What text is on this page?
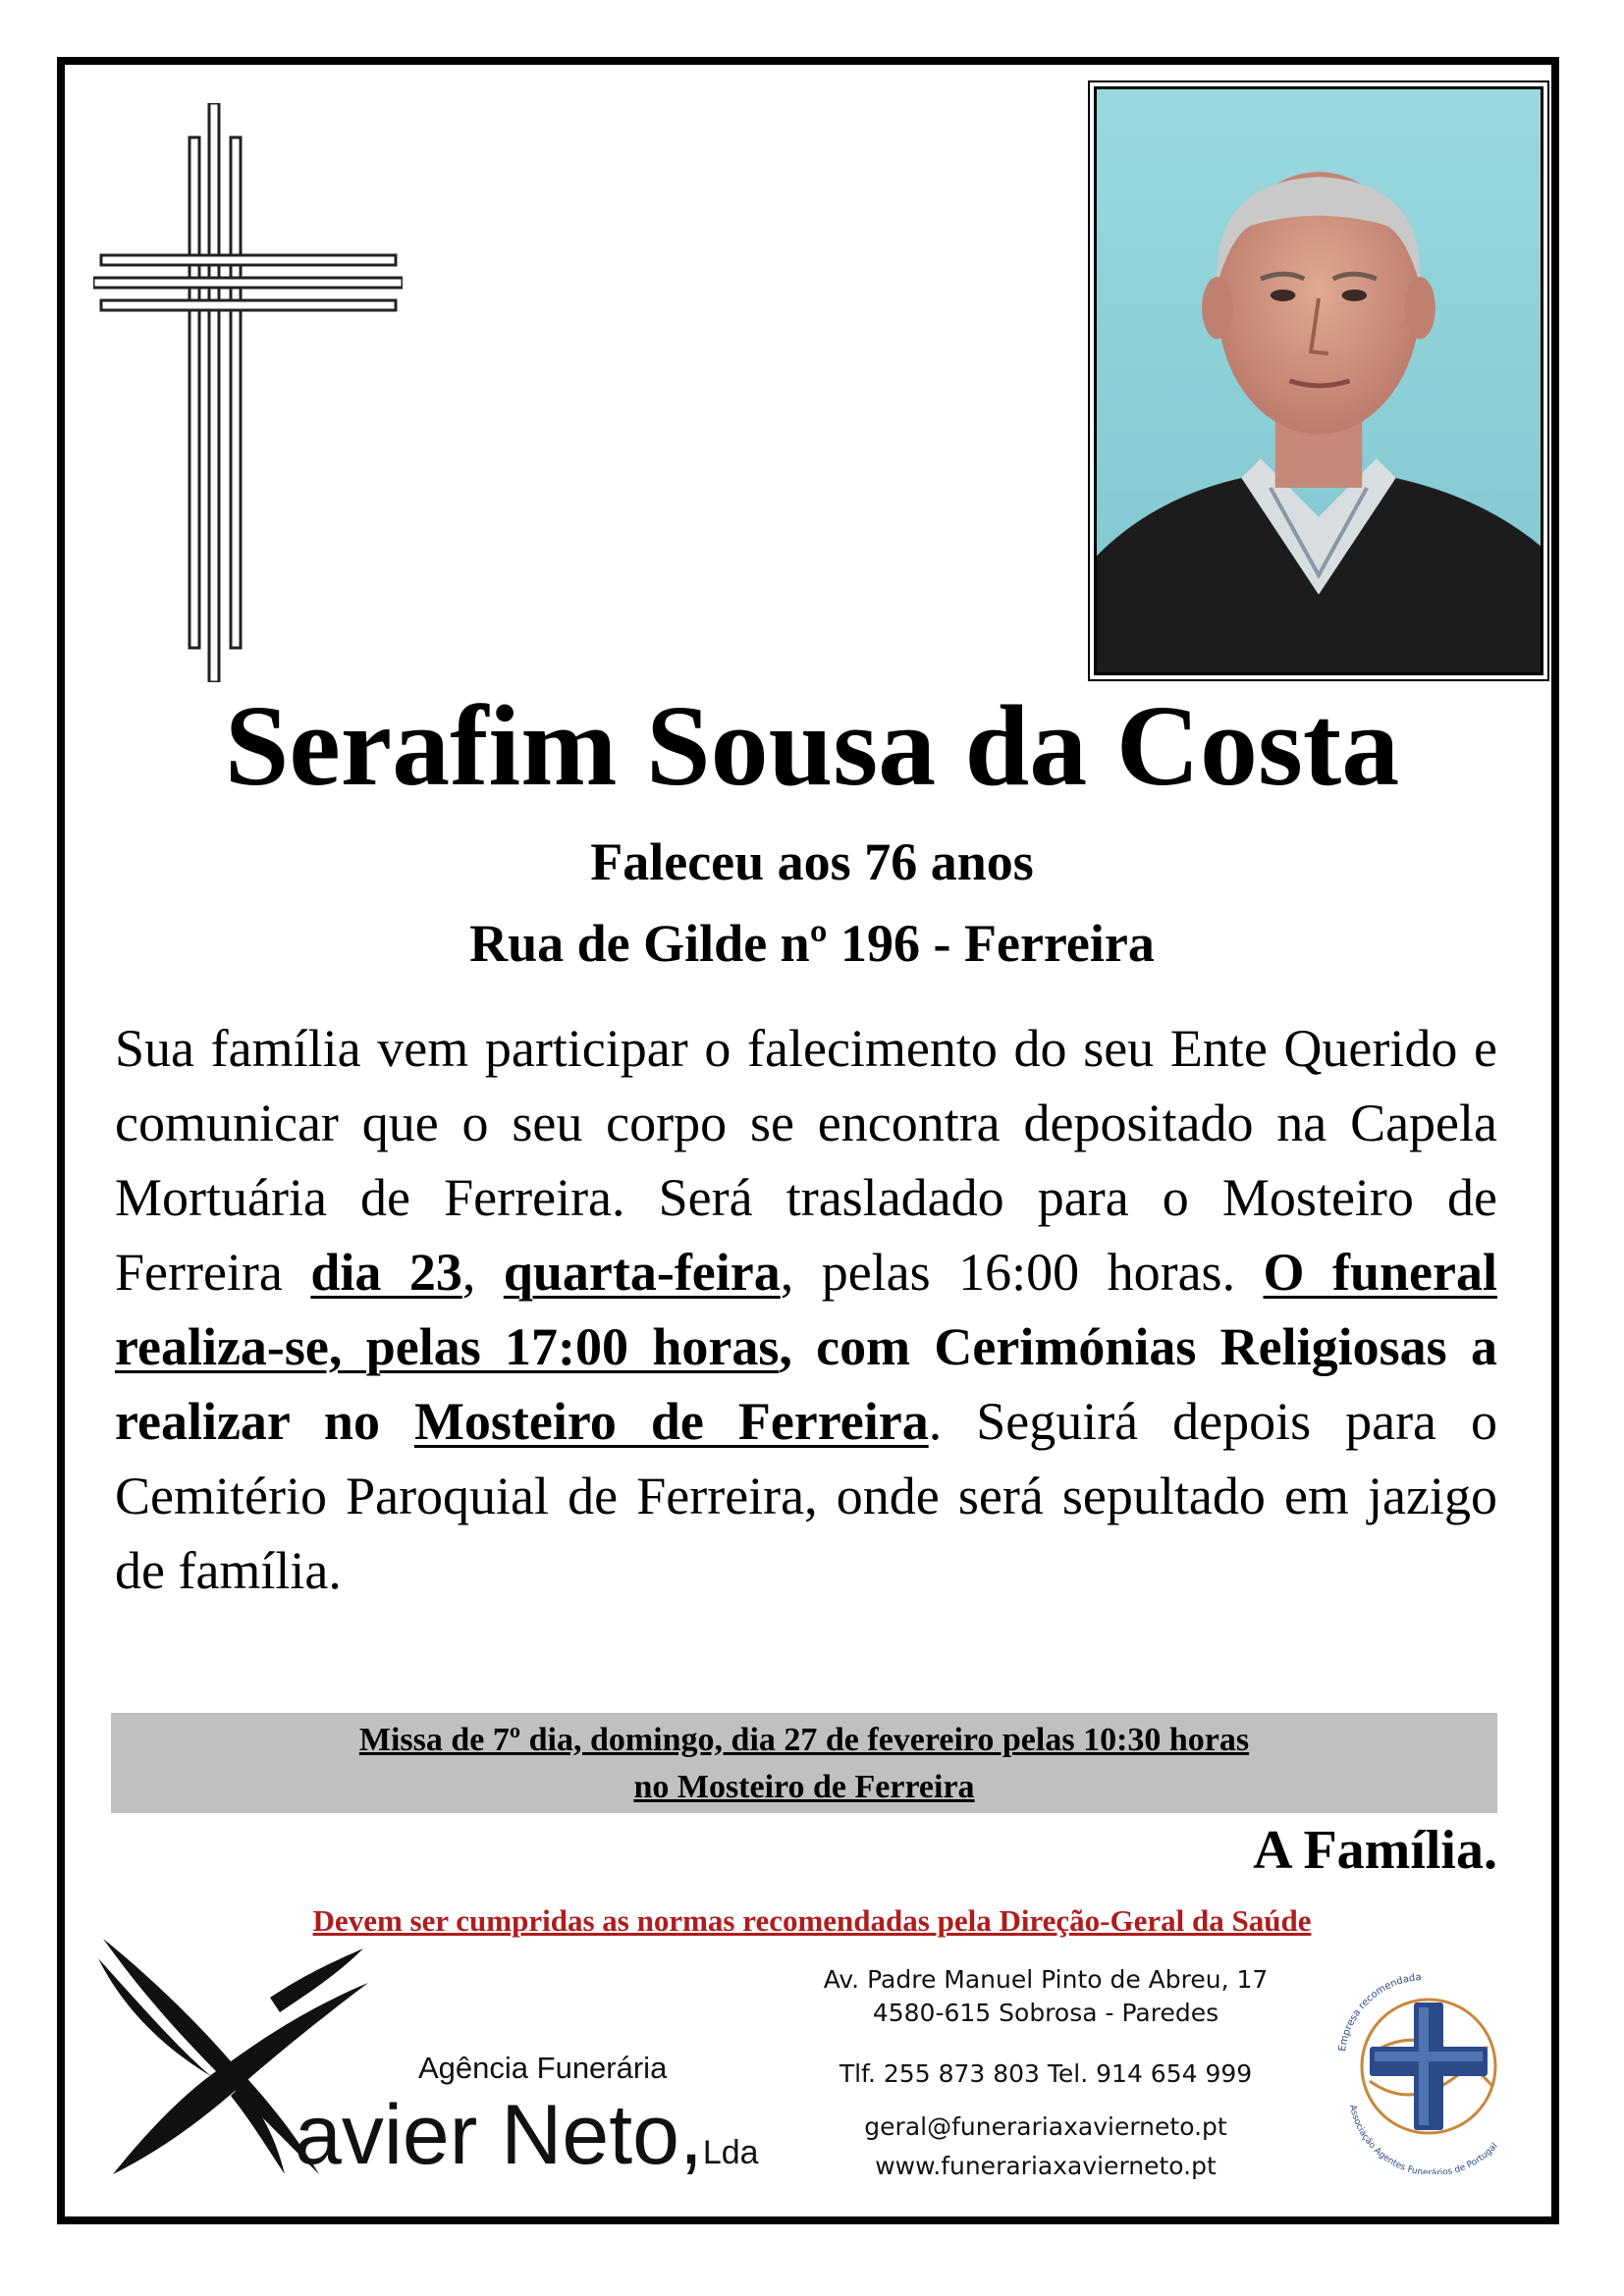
Serafim Sousa da Costa
Faleceu aos 76 anos
Rua de Gilde nº 196 - Ferreira
Sua família vem participar o falecimento do seu Ente Querido e comunicar que o seu corpo se encontra depositado na Capela Mortuária de Ferreira. Será trasladado para o Mosteiro de Ferreira dia 23, quarta-feira, pelas 16:00 horas. O funeral realiza-se, pelas 17:00 horas, com Cerimónias Religiosas a realizar no Mosteiro de Ferreira. Seguirá depois para o Cemitério Paroquial de Ferreira, onde será sepultado em jazigo de família.
Missa de 7º dia, domingo, dia 27 de fevereiro pelas 10:30 horas
no Mosteiro de Ferreira
A Família.
Devem ser cumpridas as normas recomendadas pela Direção-Geral da Saúde
Agência Funerária
avier Neto,Lda
Av. Padre Manuel Pinto de Abreu, 17
4580-615 Sobrosa - Paredes
Tlf. 255 873 803 Tel. 914 654 999
geral@funerariaxavierneto.pt
www.funerariaxavierneto.pt
Empresa recomendada
Associação Agentes Funerários de Portugal
